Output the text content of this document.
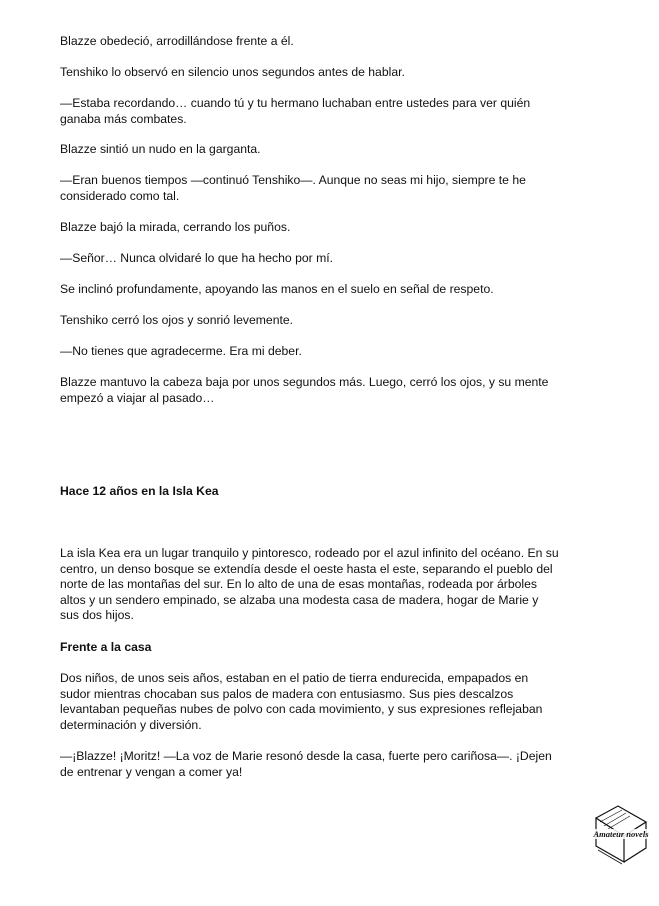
Blazze obedeció, arrodillándose frente a él.

Tenshiko lo observó en silencio unos segundos antes de hablar.

—Estaba recordando… cuando tú y tu hermano luchaban entre ustedes para ver quién
ganaba más combates.

Blazze sintió un nudo en la garganta.

—Eran buenos tiempos —continuó Tenshiko—. Aunque no seas mi hijo, siempre te he
considerado como tal.

Blazze bajó la mirada, cerrando los puños.

—Señor… Nunca olvidaré lo que ha hecho por mí.

Se inclinó profundamente, apoyando las manos en el suelo en señal de respeto.

Tenshiko cerró los ojos y sonrió levemente.

—No tienes que agradecerme. Era mi deber.

Blazze mantuvo la cabeza baja por unos segundos más. Luego, cerró los ojos, y su mente
empezó a viajar al pasado…

Hace 12 años en la Isla Kea

La isla Kea era un lugar tranquilo y pintoresco, rodeado por el azul infinito del océano. En su
centro, un denso bosque se extendía desde el oeste hasta el este, separando el pueblo del
norte de las montañas del sur. En lo alto de una de esas montañas, rodeada por árboles
altos y un sendero empinado, se alzaba una modesta casa de madera, hogar de Marie y
sus dos hijos.

Frente a la casa

Dos niños, de unos seis años, estaban en el patio de tierra endurecida, empapados en
sudor mientras chocaban sus palos de madera con entusiasmo. Sus pies descalzos
levantaban pequeñas nubes de polvo con cada movimiento, y sus expresiones reflejaban
determinación y diversión.

—¡Blazze! ¡Moritz! —La voz de Marie resonó desde la casa, fuerte pero cariñosa—. ¡Dejen
de entrenar y vengan a comer ya!

Amateur novels
